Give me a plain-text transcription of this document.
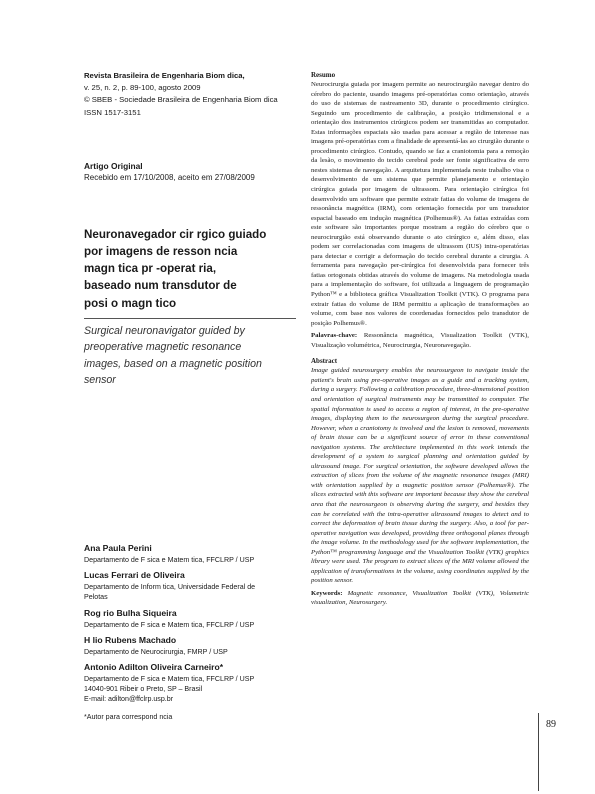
Revista Brasileira de Engenharia Biom dica,
v. 25, n. 2, p. 89-100, agosto 2009
© SBEB - Sociedade Brasileira de Engenharia Biom dica
ISSN 1517-3151
Artigo Original
Recebido em 17/10/2008, aceito em 27/08/2009
Neuronavegador cir rgico guiado
por imagens de resson ncia
magn tica pr -operat ria,
baseado num transdutor de
posi o magn tico
Surgical neuronavigator guided by
preoperative magnetic resonance
images, based on a magnetic position
sensor
Ana Paula Perini
Departamento de F sica e Matem tica, FFCLRP / USP
Lucas Ferrari de Oliveira
Departamento de Inform tica, Universidade Federal de
Pelotas
Rog rio Bulha Siqueira
Departamento de F sica e Matem tica, FFCLRP / USP
H lio Rubens Machado
Departamento de Neurocirurgia, FMRP / USP
Antonio Adilton Oliveira Carneiro*
Departamento de F sica e Matem tica, FFCLRP / USP
14040-901 Ribeir o Preto, SP – Brasil
E-mail: adilton@ffclrp.usp.br
*Autor para correspond ncia
Resumo

Neurocirurgia guiada por imagem permite ao neurocirurgião navegar dentro do cérebro do paciente, usando imagens pré-operatórias como orientação, através do uso de sistemas de rastreamento 3D, durante o procedimento cirúrgico. Seguindo um procedimento de calibração, a posição tridimensional e a orientação dos instrumentos cirúrgicos podem ser transmitidas ao computador. Estas informações espaciais são usadas para acessar a região de interesse nas imagens pré-operatórias com a finalidade de apresentá-las ao cirurgião durante o procedimento cirúrgico. Contudo, quando se faz a craniotomia para a remoção da lesão, o movimento do tecido cerebral pode ser fonte significativa de erro nestes sistemas de navegação. A arquitetura implementada neste trabalho visa o desenvolvimento de um sistema que permite planejamento e orientação cirúrgica guiada por imagem de ultrassom. Para orientação cirúrgica foi desenvolvido um software que permite extrair fatias do volume de imagens de ressonância magnética (IRM), com orientação fornecida por um transdutor espacial baseado em indução magnética (Polhemus®). As fatias extraídas com este software são importantes porque mostram a região do cérebro que o neurocirurgião está observando durante o ato cirúrgico e, além disso, elas podem ser correlacionadas com imagens de ultrassom (IUS) intra-operatórias para detectar e corrigir a deformação do tecido cerebral durante a cirurgia. A ferramenta para navegação per-cirúrgica foi desenvolvida para fornecer três fatias ortogonais obtidas através do volume de imagens. Na metodologia usada para a implementação do software, foi utilizada a linguagem de programação Python™ e a biblioteca gráfica Visualization Toolkit (VTK). O programa para extrair fatias do volume de IRM permitiu a aplicação de transformações ao volume, com base nos valores de coordenadas fornecidos pelo transdutor de posição Polhemus®.

Palavras-chave: Ressonância magnética, Visualization Toolkit (VTK), Visualização volumétrica, Neurocirurgia, Neuronavegação.
Abstract

Image guided neurosurgery enables the neurosurgeon to navigate inside the patient's brain using pre-operative images as a guide and a tracking system, during a surgery. Following a calibration procedure, three-dimensional position and orientation of surgical instruments may be transmitted to computer. The spatial information is used to access a region of interest, in the pre-operative images, displaying them to the neurosurgeon during the surgical procedure. However, when a craniotomy is involved and the lesion is removed, movements of brain tissue can be a significant source of error in these conventional navigation systems. The architecture implemented in this work intends the development of a system to surgical planning and orientation guided by ultrasound image. For surgical orientation, the software developed allows the extraction of slices from the volume of the magnetic resonance images (MRI) with orientation supplied by a magnetic position sensor (Polhemus®). The slices extracted with this software are important because they show the cerebral area that the neurosurgeon is observing during the surgery, and besides they can be correlated with the intra-operative ultrasound images to detect and to correct the deformation of brain tissue during the surgery. Also, a tool for per-operative navigation was developed, providing three orthogonal planes through the image volume. In the methodology used for the software implementation, the Python™ programming language and the Visualization Toolkit (VTK) graphics library were used. The program to extract slices of the MRI volume allowed the application of transformations in the volume, using coordinates supplied by the position sensor.

Keywords: Magnetic resonance, Visualization Toolkit (VTK), Volumetric visualization, Neurosurgery.
89
